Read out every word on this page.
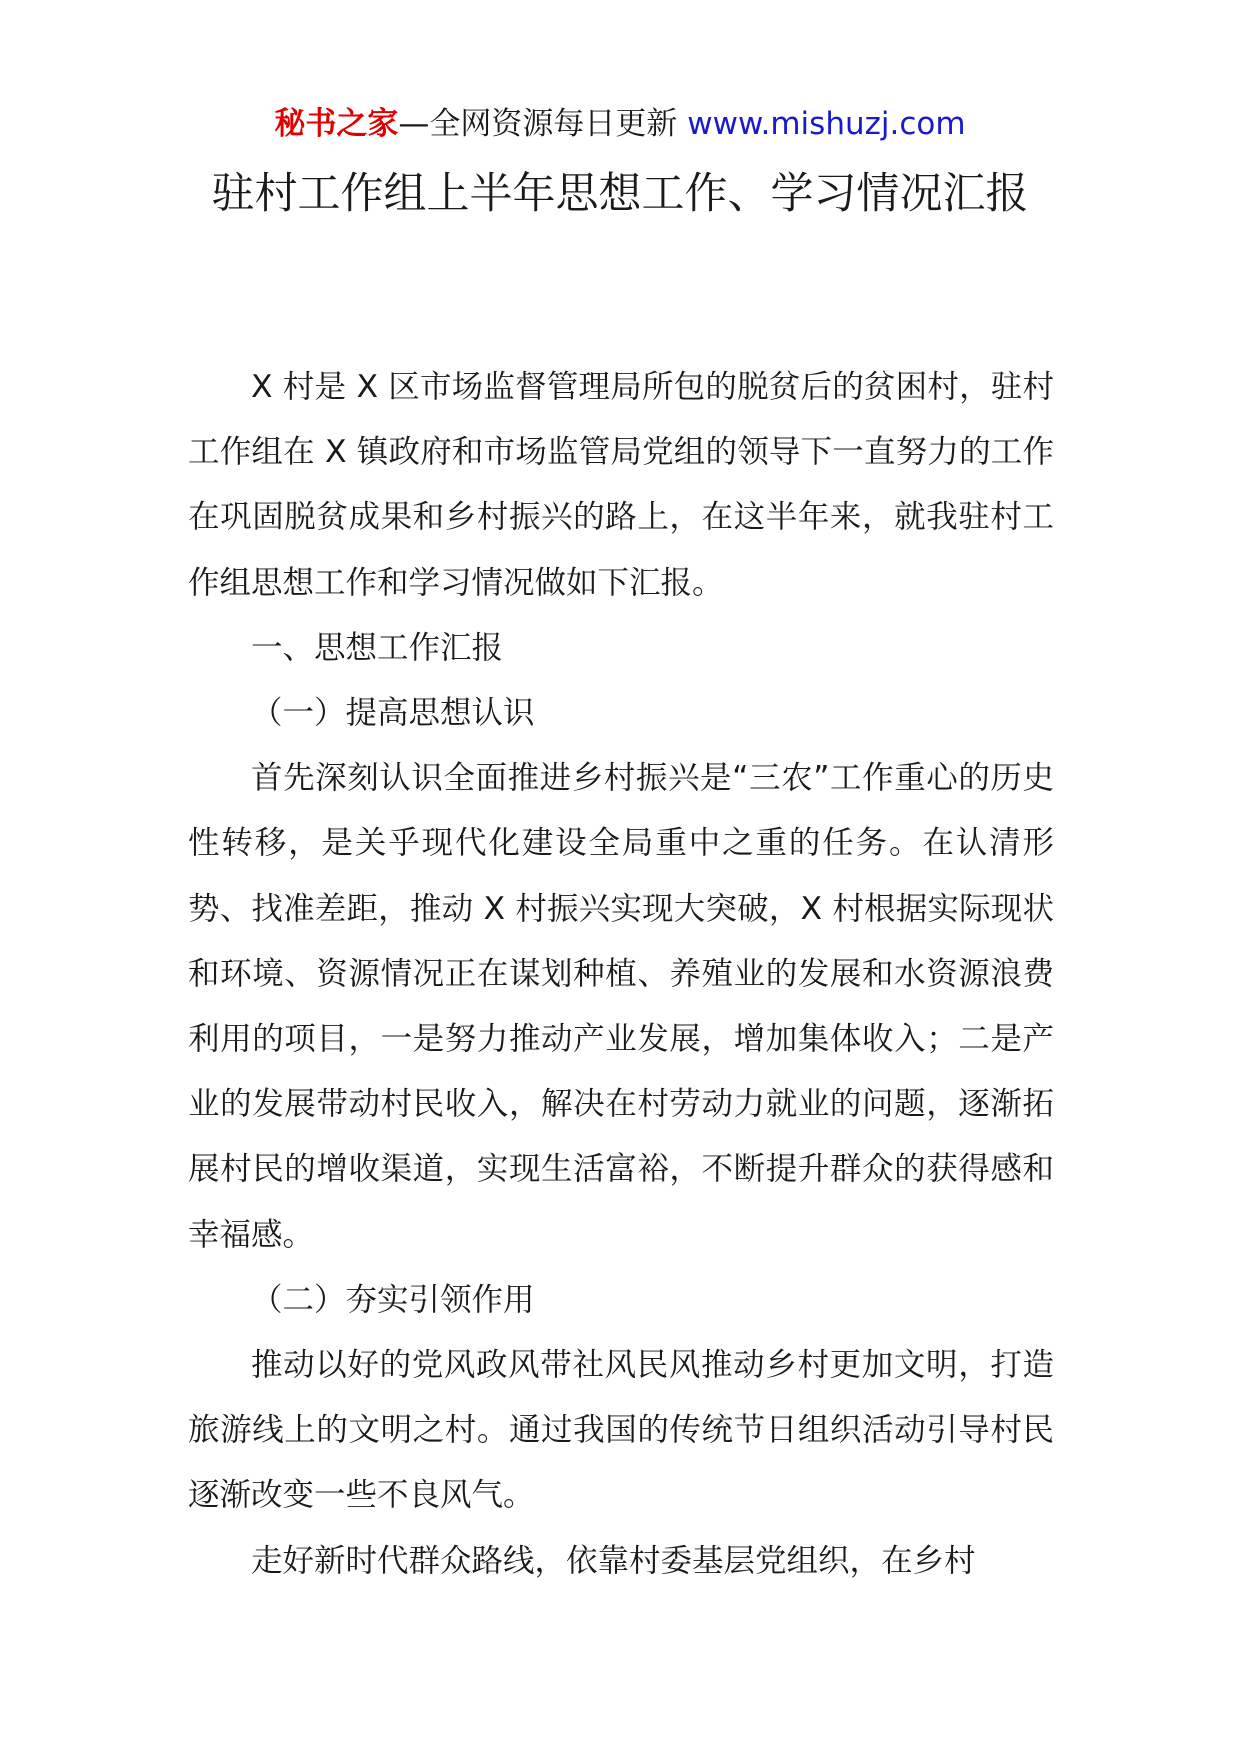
秘书之家—全网资源每日更新 www.mishuzj.com
驻村工作组上半年思想工作、学习情况汇报

X 村是 X 区市场监督管理局所包的脱贫后的贫困村，驻村工作组在 X 镇政府和市场监管局党组的领导下一直努力的工作在巩固脱贫成果和乡村振兴的路上，在这半年来，就我驻村工作组思想工作和学习情况做如下汇报。

一、思想工作汇报

（一）提高思想认识

首先深刻认识全面推进乡村振兴是“三农”工作重心的历史性转移，是关乎现代化建设全局重中之重的任务。在认清形势、找准差距，推动 X 村振兴实现大突破，X 村根据实际现状和环境、资源情况正在谋划种植、养殖业的发展和水资源浪费利用的项目，一是努力推动产业发展，增加集体收入；二是产业的发展带动村民收入，解决在村劳动力就业的问题，逐渐拓展村民的增收渠道，实现生活富裕，不断提升群众的获得感和幸福感。

（二）夯实引领作用

推动以好的党风政风带社风民风推动乡村更加文明，打造旅游线上的文明之村。通过我国的传统节日组织活动引导村民逐渐改变一些不良风气。

走好新时代群众路线，依靠村委基层党组织，在乡村
